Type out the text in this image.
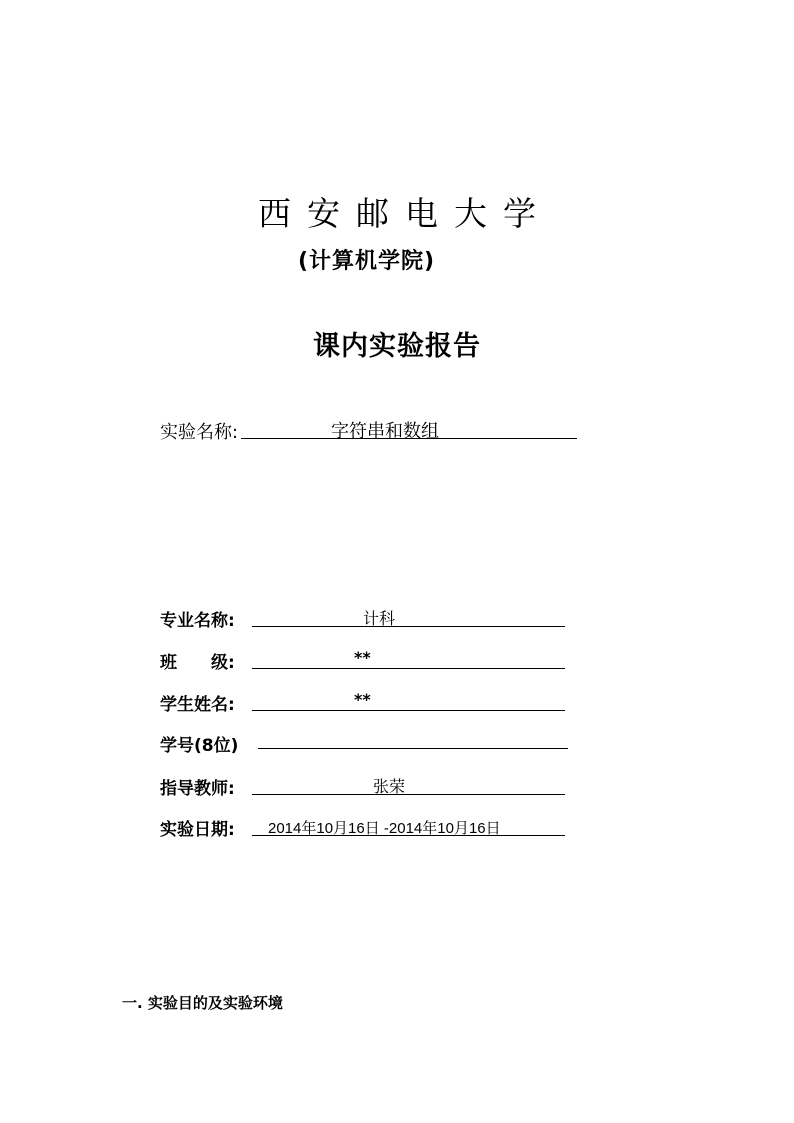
西安邮电大学
(计算机学院)
课内实验报告
实验名称:	字符串和数组
专业名称:	计科
班　　级:	**
学生姓名:	**
学号(8位)
指导教师:	张荣
实验日期: 2014年10月16日 -2014年10月16日
一. 实验目的及实验环境
